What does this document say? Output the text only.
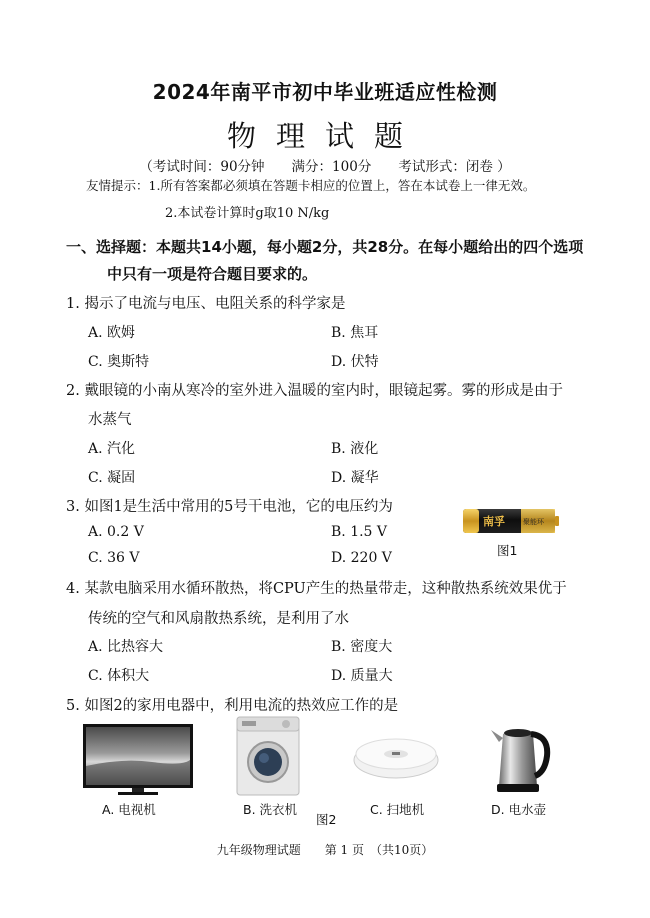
2024年南平市初中毕业班适应性检测
物理试题
（考试时间：90分钟　　满分：100分　　考试形式：闭卷 ）
友情提示：1.所有答案都必须填在答题卡相应的位置上，答在本试卷上一律无效。
2.本试卷计算时g取10 N/kg
一、选择题：本题共14小题，每小题2分，共28分。在每小题给出的四个选项
中只有一项是符合题目要求的。
1. 揭示了电流与电压、电阻关系的科学家是
A. 欧姆	B. 焦耳
C. 奥斯特	D. 伏特
2. 戴眼镜的小南从寒冷的室外进入温暖的室内时，眼镜起雾。雾的形成是由于
水蒸气
A. 汽化	B. 液化
C. 凝固	D. 凝华
3. 如图1是生活中常用的5号干电池，它的电压约为
A. 0.2 V	B. 1.5 V
C. 36 V	D. 220 V
南孚	聚能环
图1
4. 某款电脑采用水循环散热，将CPU产生的热量带走，这种散热系统效果优于
传统的空气和风扇散热系统，是利用了水
A. 比热容大	B. 密度大
C. 体积大	D. 质量大
5. 如图2的家用电器中，利用电流的热效应工作的是
A. 电视机	B. 洗衣机	C. 扫地机	D. 电水壶
图2
九年级物理试题　　第 1 页　（共10页）
